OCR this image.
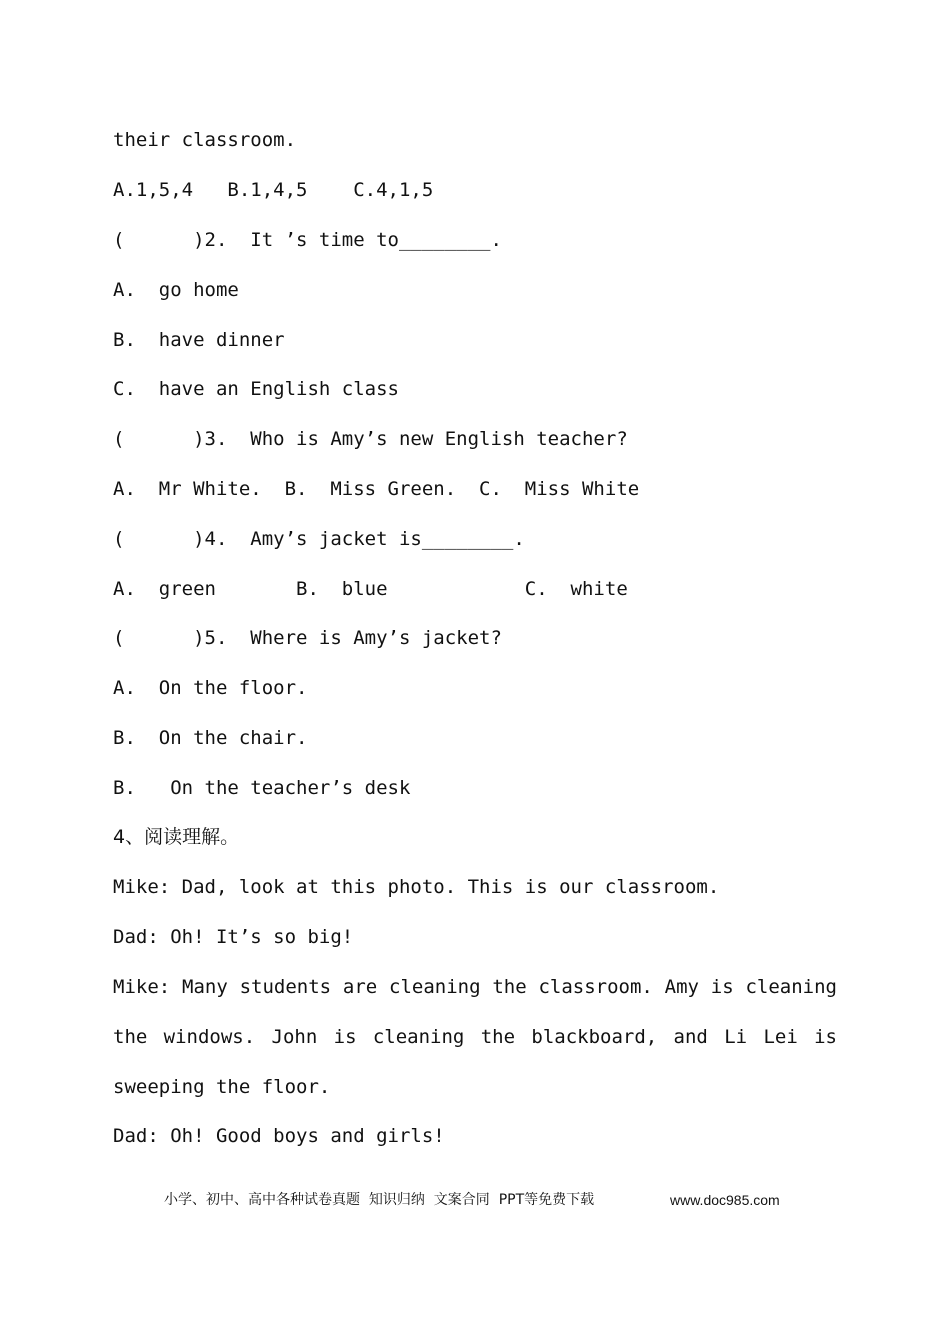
their classroom.
A.1,5,4   B.1,4,5    C.4,1,5
(      )2.  It ’s time to________.
A.  go home
B.  have dinner
C.  have an English class
(      )3.  Who is Amy’s new English teacher?
A.  Mr White.  B.  Miss Green.  C.  Miss White
(      )4.  Amy’s jacket is________.
A.  green       B.  blue            C.  white
(      )5.  Where is Amy’s jacket?
A.  On the floor.
B.  On the chair.
B.   On the teacher’s desk
4、阅读理解。
Mike: Dad, look at this photo. This is our classroom.
Dad: Oh! It’s so big!
Mike: Many students are cleaning the classroom. Amy is cleaning
the windows. John is cleaning the blackboard, and Li Lei is
sweeping the floor.
Dad: Oh! Good boys and girls!
小学、初中、高中各种试卷真题  知识归纳  文案合同  PPT等免费下载	www.doc985.com
